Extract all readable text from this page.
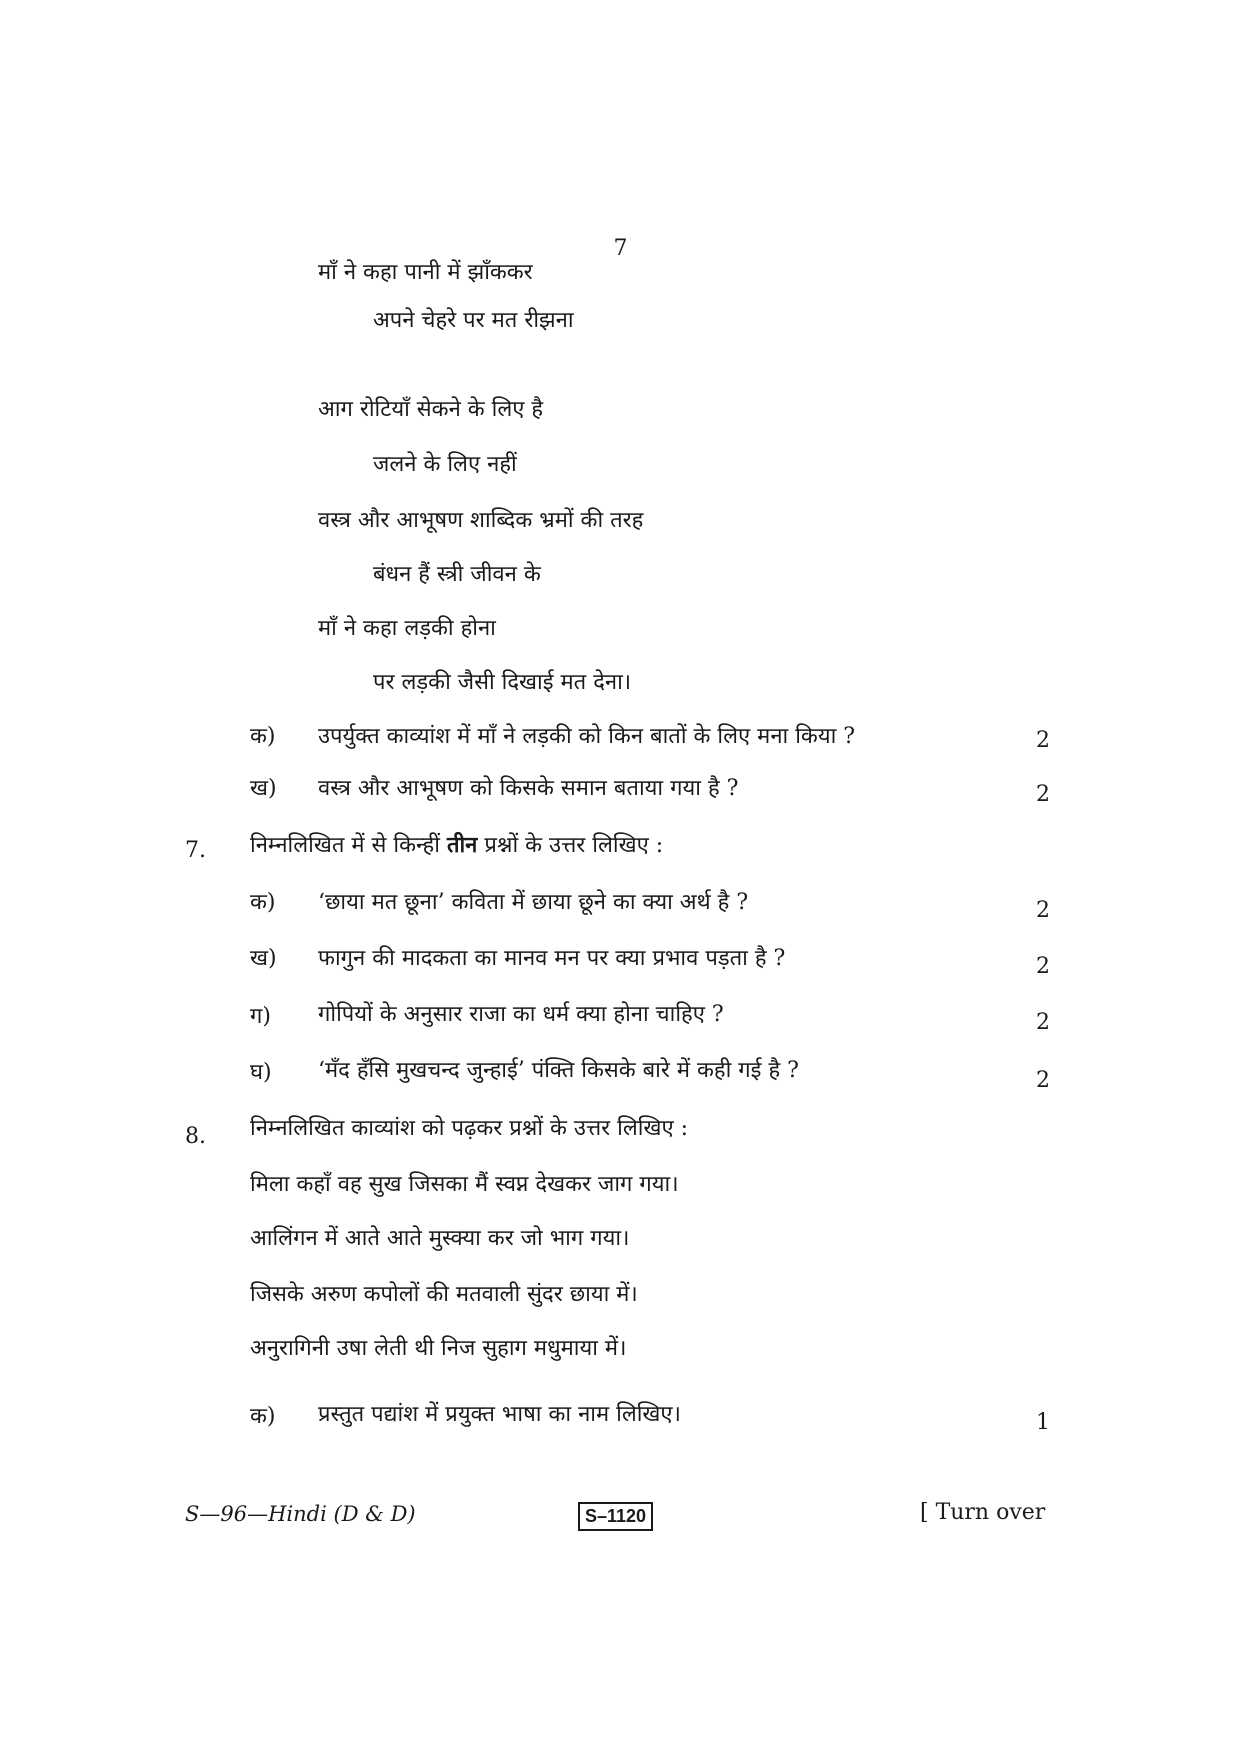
7
माँ ने कहा पानी में झाँककर
अपने चेहरे पर मत रीझना
आग रोटियाँ सेकने के लिए है
जलने के लिए नहीं
वस्त्र और आभूषण शाब्दिक भ्रमों की तरह
बंधन हैं स्त्री जीवन के
माँ ने कहा लड़की होना
पर लड़की जैसी दिखाई मत देना।
क) उपर्युक्त काव्यांश में माँ ने लड़की को किन बातों के लिए मना किया ?	2
ख) वस्त्र और आभूषण को किसके समान बताया गया है ?	2
7. निम्नलिखित में से किन्हीं तीन प्रश्नों के उत्तर लिखिए :
क) ‘छाया मत छूना’ कविता में छाया छूने का क्या अर्थ है ?	2
ख) फागुन की मादकता का मानव मन पर क्या प्रभाव पड़ता है ?	2
ग) गोपियों के अनुसार राजा का धर्म क्या होना चाहिए ?	2
घ) ‘मँद हँसि मुखचन्द जुन्हाई’ पंक्ति किसके बारे में कही गई है ?	2
8. निम्नलिखित काव्यांश को पढ़कर प्रश्नों के उत्तर लिखिए :
मिला कहाँ वह सुख जिसका मैं स्वप्न देखकर जाग गया।
आलिंगन में आते आते मुस्क्या कर जो भाग गया।
जिसके अरुण कपोलों की मतवाली सुंदर छाया में।
अनुरागिनी उषा लेती थी निज सुहाग मधुमाया में।
क) प्रस्तुत पद्यांश में प्रयुक्त भाषा का नाम लिखिए।	1
S—96—Hindi (D & D)	S–1120	[ Turn over
